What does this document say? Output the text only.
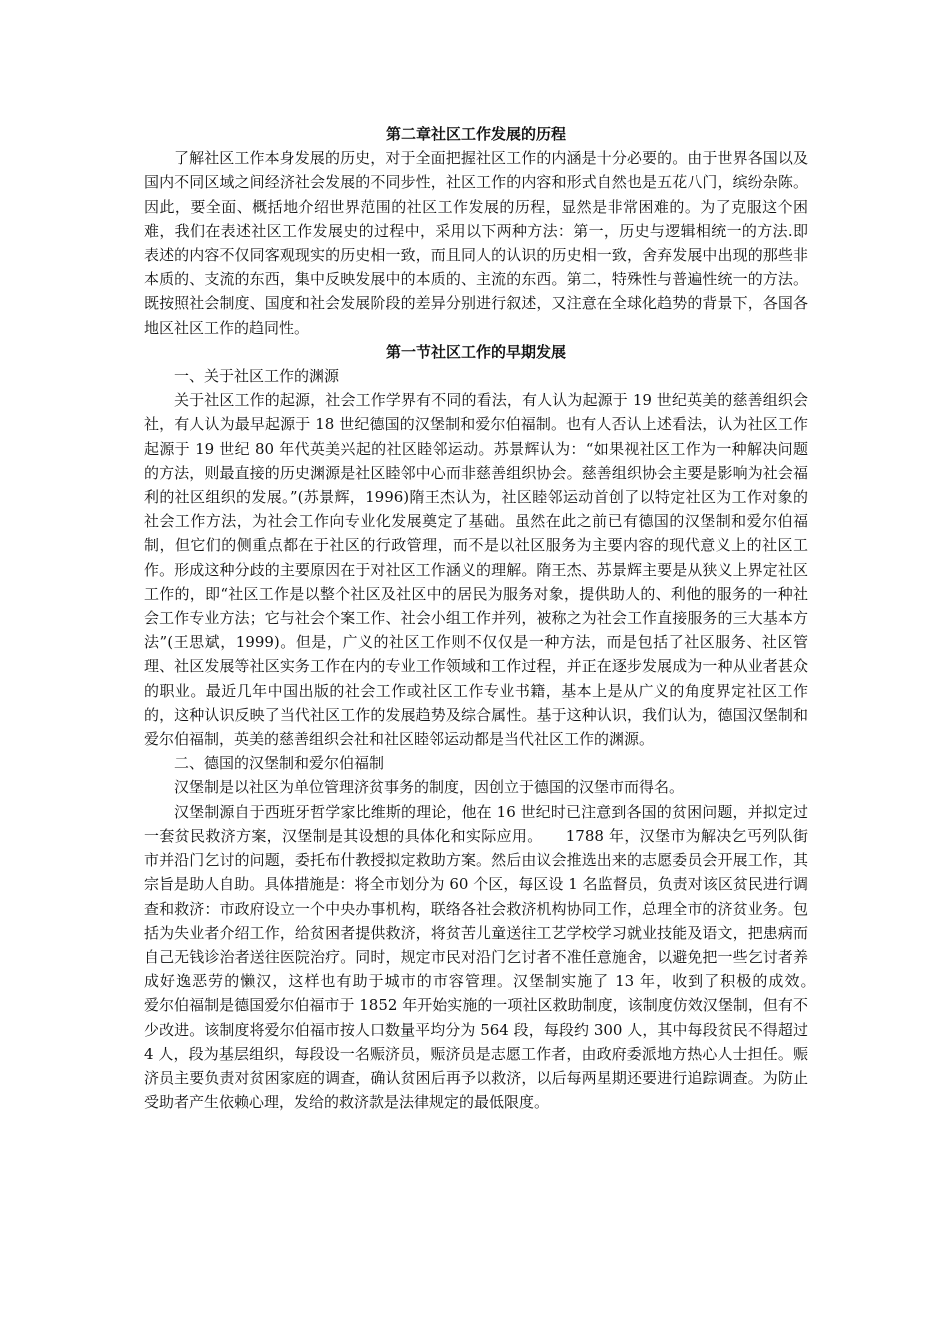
第二章社区工作发展的历程

了解社区工作本身发展的历史，对于全面把握社区工作的内涵是十分必要的。由于世界各国以及国内不同区域之间经济社会发展的不同步性，社区工作的内容和形式自然也是五花八门，缤纷杂陈。因此，要全面、概括地介绍世界范围的社区工作发展的历程，显然是非常困难的。为了克服这个困难，我们在表述社区工作发展史的过程中，采用以下两种方法：第一，历史与逻辑相统一的方法.即表述的内容不仅同客观现实的历史相一致，而且同人的认识的历史相一致，舍弃发展中出现的那些非本质的、支流的东西，集中反映发展中的本质的、主流的东西。第二，特殊性与普遍性统一的方法。既按照社会制度、国度和社会发展阶段的差异分别进行叙述，又注意在全球化趋势的背景下，各国各地区社区工作的趋同性。

第一节社区工作的早期发展

一、关于社区工作的渊源

关于社区工作的起源，社会工作学界有不同的看法，有人认为起源于 19 世纪英美的慈善组织会社，有人认为最早起源于 18 世纪德国的汉堡制和爱尔伯福制。也有人否认上述看法，认为社区工作起源于 19 世纪 80 年代英美兴起的社区睦邻运动。苏景辉认为：“如果视社区工作为一种解决问题的方法，则最直接的历史渊源是社区睦邻中心而非慈善组织协会。慈善组织协会主要是影响为社会福利的社区组织的发展。”(苏景辉，1996)隋王杰认为，社区睦邻运动首创了以特定社区为工作对象的社会工作方法，为社会工作向专业化发展奠定了基础。虽然在此之前已有德国的汉堡制和爱尔伯福制，但它们的侧重点都在于社区的行政管理，而不是以社区服务为主要内容的现代意义上的社区工作。形成这种分歧的主要原因在于对社区工作涵义的理解。隋王杰、苏景辉主要是从狭义上界定社区工作的，即“社区工作是以整个社区及社区中的居民为服务对象，提供助人的、利他的服务的一种社会工作专业方法；它与社会个案工作、社会小组工作并列，被称之为社会工作直接服务的三大基本方法”(王思斌，1999)。但是，广义的社区工作则不仅仅是一种方法，而是包括了社区服务、社区管理、社区发展等社区实务工作在内的专业工作领域和工作过程，并正在逐步发展成为一种从业者甚众的职业。最近几年中国出版的社会工作或社区工作专业书籍，基本上是从广义的角度界定社区工作的，这种认识反映了当代社区工作的发展趋势及综合属性。基于这种认识，我们认为，德国汉堡制和爱尔伯福制，英美的慈善组织会社和社区睦邻运动都是当代社区工作的渊源。

二、德国的汉堡制和爱尔伯福制

汉堡制是以社区为单位管理济贫事务的制度，因创立于德国的汉堡市而得名。

汉堡制源自于西班牙哲学家比维斯的理论，他在 16 世纪时已注意到各国的贫困问题，并拟定过一套贫民救济方案，汉堡制是其设想的具体化和实际应用。　　1788 年，汉堡市为解决乞丐列队街市并沿门乞讨的问题，委托布什教授拟定救助方案。然后由议会推选出来的志愿委员会开展工作，其宗旨是助人自助。具体措施是：将全市划分为 60 个区，每区设 1 名监督员，负责对该区贫民进行调查和救济：市政府设立一个中央办事机构，联络各社会救济机构协同工作，总理全市的济贫业务。包括为失业者介绍工作，给贫困者提供救济，将贫苦儿童送往工艺学校学习就业技能及语文，把患病而自己无钱诊治者送往医院治疗。同时，规定市民对沿门乞讨者不准任意施舍，以避免把一些乞讨者养成好逸恶劳的懒汉，这样也有助于城市的市容管理。汉堡制实施了 13 年，收到了积极的成效。　　爱尔伯福制是德国爱尔伯福市于 1852 年开始实施的一项社区救助制度，该制度仿效汉堡制，但有不少改进。该制度将爱尔伯福市按人口数量平均分为 564 段，每段约 300 人，其中每段贫民不得超过 4 人，段为基层组织，每段设一名赈济员，赈济员是志愿工作者，由政府委派地方热心人士担任。赈济员主要负责对贫困家庭的调查，确认贫困后再予以救济，以后每两星期还要进行追踪调查。为防止受助者产生依赖心理，发给的救济款是法律规定的最低限度。
